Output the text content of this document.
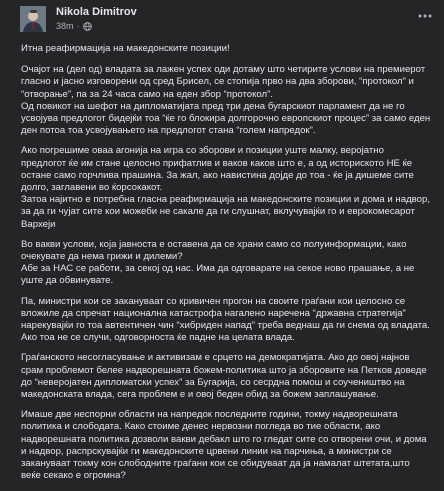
Nikola Dimitrov
38m ·

Итна реафирмација на македонските позиции!

Очајот на (дел од) владата за лажен успех оди дотаму што четирите услови на премиерот гласно и јасно изговорени од сред Брисел, се стопија прво на два зборови, “протокол” и “отворање”, па за 24 часа само на еден збор “протокол”.

Од повикот на шефот на дипломатијата пред три дена бугарскиот парламент да не го усвојува предлогот бидејќи тоа “ќе го блокира долгорочно европскиот процес” за само еден ден потоа тоа усвојувањето на предлогот стана “голем напредок”.

Ако погрешиме оваа агонија на игра со зборови и позиции уште малку, веројатно предлогот ќе им стане целосно прифатлив и ваков каков што е, а од историското НЕ ќе остане само горчлива прашина. За жал, ако навистина дојде до тоа - ќе ја дишеме сите долго, заглавени во ќорсокакот.

Затоа најитно е потребна гласна реафирмација на македонските позиции и дома и надвор, за да ги чујат сите кои можеби не сакале да ги слушнат, вклучувајќи го и еврокомесарот Вархеји

Во вакви услови, која јавноста е оставена да се храни само со полуинформации, како очекувате да нема грижи и дилеми?

Абе за НАС се работи, за секој од нас. Има да одговарате на секое ново прашање, а не уште да обвинувате.

Па, министри кои се заканувaат со кривичен прогон на своите граѓани кои целосно се вложиле да спречат национална катастрофа нагалено наречена “државна стратегија” нарекувајќи го тоа автентичен чин “хибриден напад” треба веднаш да ги снема од владата. Ако тоа не се случи, одговорноста ќе падне на целата влада.

Граѓанското несогласување и активизам е срцето на демократијата. Ако до овој најнов срам проблемот белее надворешната божем-политика што ја зборовите на Петков доведе до “невероjатен дипломатски успех” за Бугарија, со сесрдна помош и соучеништво на македонската влада, сега проблем е и овој беден обид за божем заплашување.

Имаше две неспорни области на напредок последните години, токму надворешната политика и слободата. Како стоиме денес нервозни погледа во тие области, ако надворешната политика дозволи вакви дебакл што го гледат сите со отворени очи, и дома и надвор, распрскувајќи ги македонските црвени линии на парчиња, а министри се заканувaат токму кон слободните граѓани кои се обидуваат да ја намалат штетата,што веќе секако е огромна?
